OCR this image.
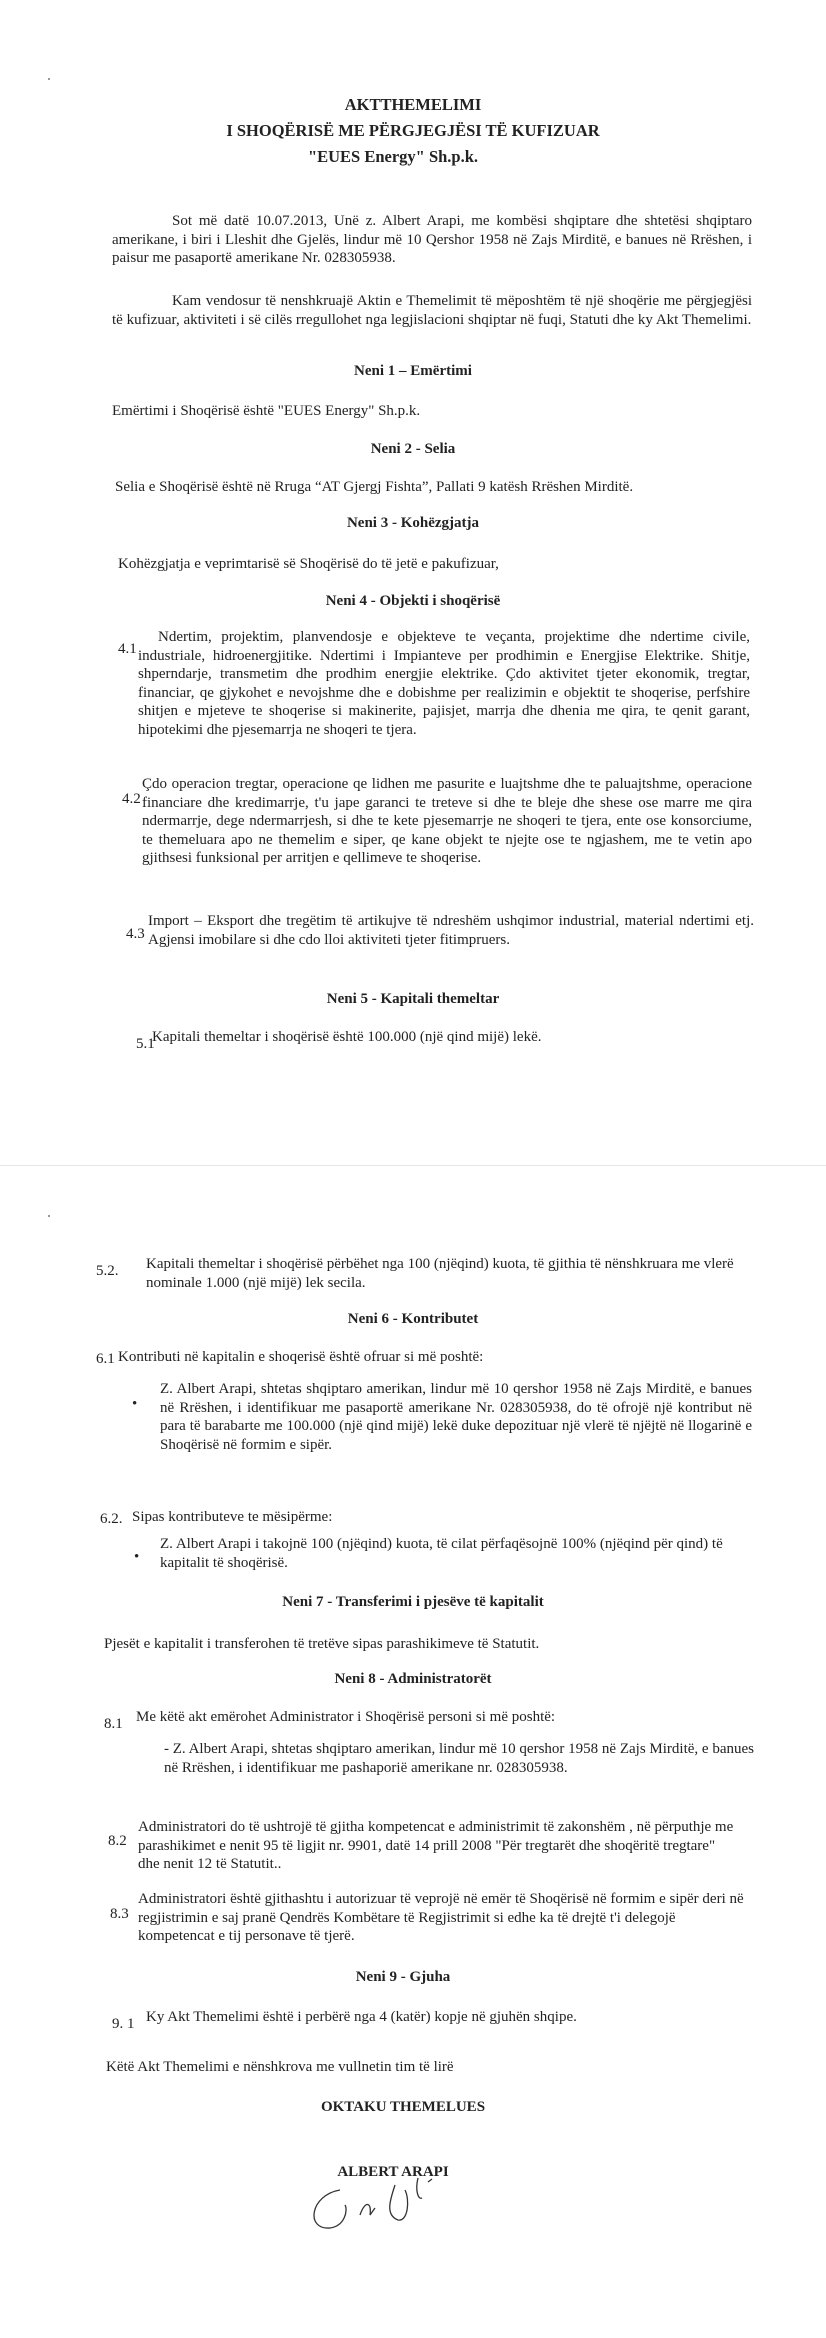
AKTTHEMELIMI
I SHOQËRISË ME PËRGJEGJËSI TË KUFIZUAR
"EUES Energy" Sh.p.k.
Sot më datë 10.07.2013, Unë z. Albert Arapi, me kombësi shqiptare dhe shtetësi shqiptaro amerikane, i biri i Lleshit dhe Gjelës, lindur më 10 Qershor 1958 në Zajs Mirditë, e banues në Rrëshen, i paisur me pasaportë amerikane Nr. 028305938.
Kam vendosur të nenshkruajë Aktin e Themelimit të mëposhtëm të një shoqërie me përgjegjësi të kufizuar, aktiviteti i së cilës rregullohet nga legjislacioni shqiptar në fuqi, Statuti dhe ky Akt Themelimi.
Neni 1 – Emërtimi
Emërtimi i Shoqërisë është "EUES Energy" Sh.p.k.
Neni 2 - Selia
Selia e Shoqërisë është në Rruga “AT Gjergj Fishta”, Pallati 9 katësh Rrëshen Mirditë.
Neni 3 - Kohëzgjatja
Kohëzgjatja e veprimtarisë së Shoqërisë do të jetë e pakufizuar,
Neni 4 - Objekti i shoqërisë
4.1
Ndertim, projektim, planvendosje e objekteve te veçanta, projektime dhe ndertime civile, industriale, hidroenergjitike. Ndertimi i Impianteve per prodhimin e Energjise Elektrike. Shitje, shperndarje, transmetim dhe prodhim energjie elektrike. Çdo aktivitet tjeter ekonomik, tregtar, financiar, qe gjykohet e nevojshme dhe e dobishme per realizimin e objektit te shoqerise, perfshire shitjen e mjeteve te shoqerise si makinerite, pajisjet, marrja dhe dhenia me qira, te qenit garant, hipotekimi dhe pjesemarrja ne shoqeri te tjera.
4.2
Çdo operacion tregtar, operacione qe lidhen me pasurite e luajtshme dhe te paluajtshme, operacione financiare dhe kredimarrje, t'u jape garanci te treteve si dhe te bleje dhe shese ose marre me qira ndermarrje, dege ndermarrjesh, si dhe te kete pjesemarrje ne shoqeri te tjera, ente ose konsorciume, te themeluara apo ne themelim e siper, qe kane objekt te njejte ose te ngjashem, me te vetin apo gjithsesi funksional per arritjen e qellimeve te shoqerise.
4.3
Import – Eksport dhe tregëtim të artikujve të ndreshëm ushqimor industrial, material ndertimi etj. Agjensi imobilare si dhe cdo lloi aktiviteti tjeter fitimpruers.
Neni 5 - Kapitali themeltar
5.1
Kapitali themeltar i shoqërisë është 100.000 (një qind mijë) lekë.
5.2. Kapitali themeltar i shoqërisë përbëhet nga 100 (njëqind) kuota, të gjithia të nënshkruara me vlerë nominale 1.000 (një mijë) lek secila.
Neni 6 - Kontributet
6.1 Kontributi në kapitalin e shoqerisë është ofruar si më poshtë:
•
Z. Albert Arapi, shtetas shqiptaro amerikan, lindur më 10 qershor 1958 në Zajs Mirditë, e banues në Rrëshen, i identifikuar me pasaportë amerikane Nr. 028305938, do të ofrojë një kontribut në para të barabarte me 100.000 (një qind mijë) lekë duke depozituar një vlerë të njëjtë në llogarinë e Shoqërisë në formim e sipër.
6.2. Sipas kontributeve te mësipërme:
•
Z. Albert Arapi i takojnë 100 (njëqind) kuota, të cilat përfaqësojnë 100% (njëqind për qind) të kapitalit të shoqërisë.
Neni 7 - Transferimi i pjesëve të kapitalit
Pjesët e kapitalit i transferohen të tretëve sipas parashikimeve të Statutit.
Neni 8 - Administratorët
8.1 Me këtë akt emërohet Administrator i Shoqërisë personi si më poshtë:
- Z. Albert Arapi, shtetas shqiptaro amerikan, lindur më 10 qershor 1958 në Zajs Mirditë, e banues në Rrëshen, i identifikuar me pashaporië amerikane nr. 028305938.
8.2
Administratori do të ushtrojë të gjitha kompetencat e administrimit të zakonshëm , në përputhje me parashikimet e nenit 95 të ligjit nr. 9901, datë 14 prill 2008 "Për tregtarët dhe shoqëritë tregtare" dhe nenit 12 të Statutit..
8.3
Administratori është gjithashtu i autorizuar të veprojë në emër të Shoqërisë në formim e sipër deri në regjistrimin e saj pranë Qendrës Kombëtare të Regjistrimit si edhe ka të drejtë t'i delegojë kompetencat e tij personave të tjerë.
Neni 9 - Gjuha
9. 1 Ky Akt Themelimi është i perbërë nga 4 (katër) kopje në gjuhën shqipe.
Këtë Akt Themelimi e nënshkrova me vullnetin tim të lirë
OKTAKU THEMELUES
ALBERT ARAPI
